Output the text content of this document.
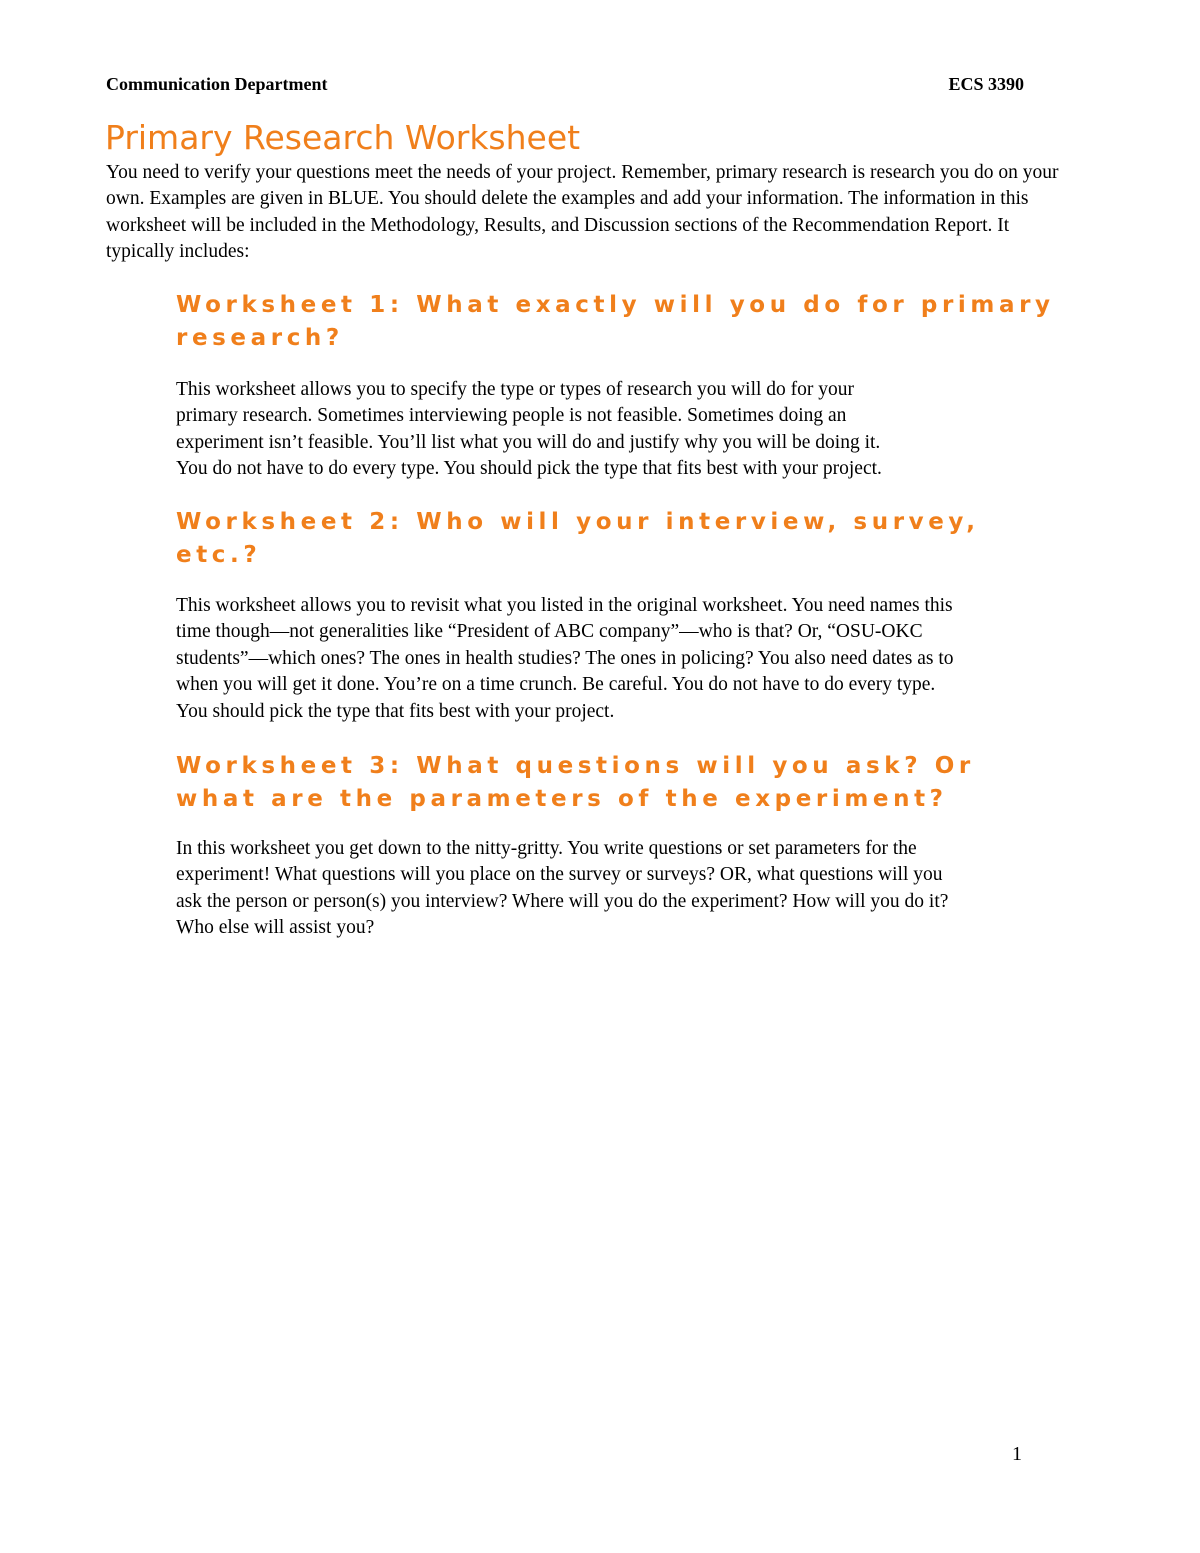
Communication Department	ECS 3390
Primary Research Worksheet

You need to verify your questions meet the needs of your project. Remember, primary research is research you do on your own. Examples are given in BLUE. You should delete the examples and add your information. The information in this worksheet will be included in the Methodology, Results, and Discussion sections of the Recommendation Report. It typically includes:

Worksheet 1: What exactly will you do for primary
research?

This worksheet allows you to specify the type or types of research you will do for your
primary research. Sometimes interviewing people is not feasible. Sometimes doing an
experiment isn’t feasible. You’ll list what you will do and justify why you will be doing it.
You do not have to do every type. You should pick the type that fits best with your project.

Worksheet 2: Who will your interview, survey,
etc.?

This worksheet allows you to revisit what you listed in the original worksheet. You need names this
time though—not generalities like “President of ABC company”—who is that? Or, “OSU-OKC
students”—which ones? The ones in health studies? The ones in policing? You also need dates as to
when you will get it done. You’re on a time crunch. Be careful. You do not have to do every type.
You should pick the type that fits best with your project.

Worksheet 3: What questions will you ask? Or
what are the parameters of the experiment?

In this worksheet you get down to the nitty-gritty. You write questions or set parameters for the
experiment! What questions will you place on the survey or surveys? OR, what questions will you
ask the person or person(s) you interview? Where will you do the experiment? How will you do it?
Who else will assist you?

1
